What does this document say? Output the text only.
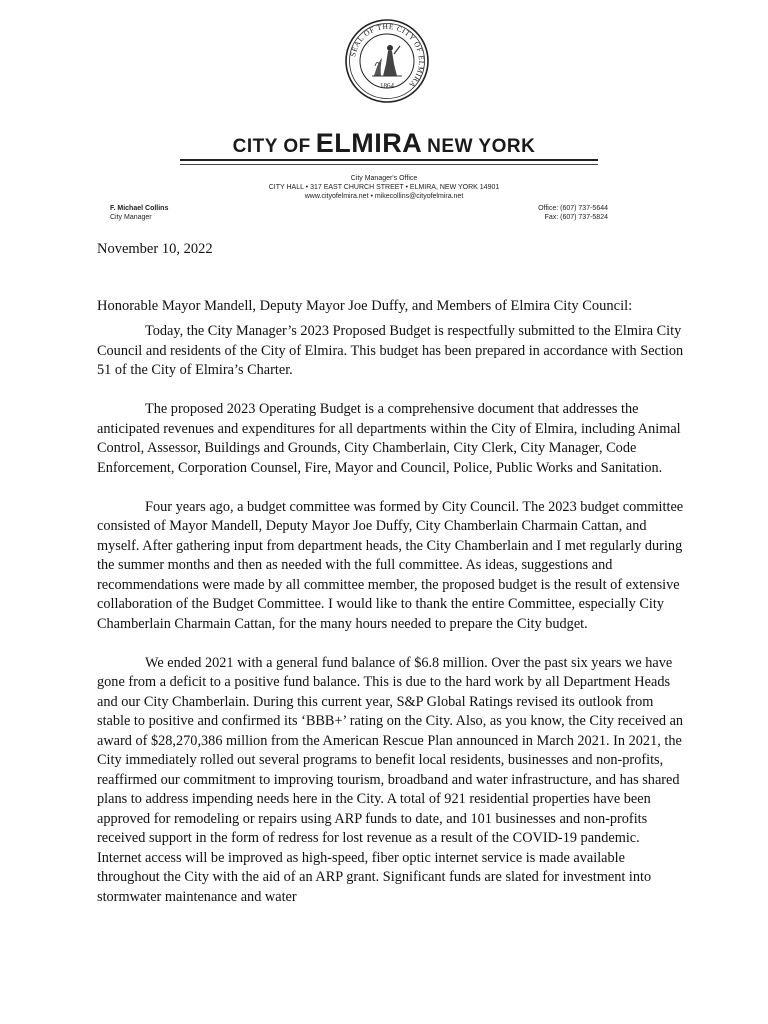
SEAL OF THE CITY OF ELMIRA
1864
CITY OF ELMIRA NEW YORK
City Manager's Office
CITY HALL • 317 EAST CHURCH STREET • ELMIRA, NEW YORK 14901
www.cityofelmira.net • mikecollins@cityofelmira.net
F. Michael Collins
City Manager
Office: (607) 737-5644
Fax: (607) 737-5824
November 10, 2022
Honorable Mayor Mandell, Deputy Mayor Joe Duffy, and Members of Elmira City Council:

Today, the City Manager’s 2023 Proposed Budget is respectfully submitted to the Elmira City Council and residents of the City of Elmira. This budget has been prepared in accordance with Section 51 of the City of Elmira’s Charter.

The proposed 2023 Operating Budget is a comprehensive document that addresses the anticipated revenues and expenditures for all departments within the City of Elmira, including Animal Control, Assessor, Buildings and Grounds, City Chamberlain, City Clerk, City Manager, Code Enforcement, Corporation Counsel, Fire, Mayor and Council, Police, Public Works and Sanitation.

Four years ago, a budget committee was formed by City Council. The 2023 budget committee consisted of Mayor Mandell, Deputy Mayor Joe Duffy, City Chamberlain Charmain Cattan, and myself. After gathering input from department heads, the City Chamberlain and I met regularly during the summer months and then as needed with the full committee. As ideas, suggestions and recommendations were made by all committee member, the proposed budget is the result of extensive collaboration of the Budget Committee. I would like to thank the entire Committee, especially City Chamberlain Charmain Cattan, for the many hours needed to prepare the City budget.

We ended 2021 with a general fund balance of $6.8 million. Over the past six years we have gone from a deficit to a positive fund balance. This is due to the hard work by all Department Heads and our City Chamberlain. During this current year, S&P Global Ratings revised its outlook from stable to positive and confirmed its ‘BBB+’ rating on the City. Also, as you know, the City received an award of $28,270,386 million from the American Rescue Plan announced in March 2021. In 2021, the City immediately rolled out several programs to benefit local residents, businesses and non-profits, reaffirmed our commitment to improving tourism, broadband and water infrastructure, and has shared plans to address impending needs here in the City. A total of 921 residential properties have been approved for remodeling or repairs using ARP funds to date, and 101 businesses and non-profits received support in the form of redress for lost revenue as a result of the COVID-19 pandemic. Internet access will be improved as high-speed, fiber optic internet service is made available throughout the City with the aid of an ARP grant. Significant funds are slated for investment into stormwater maintenance and water
